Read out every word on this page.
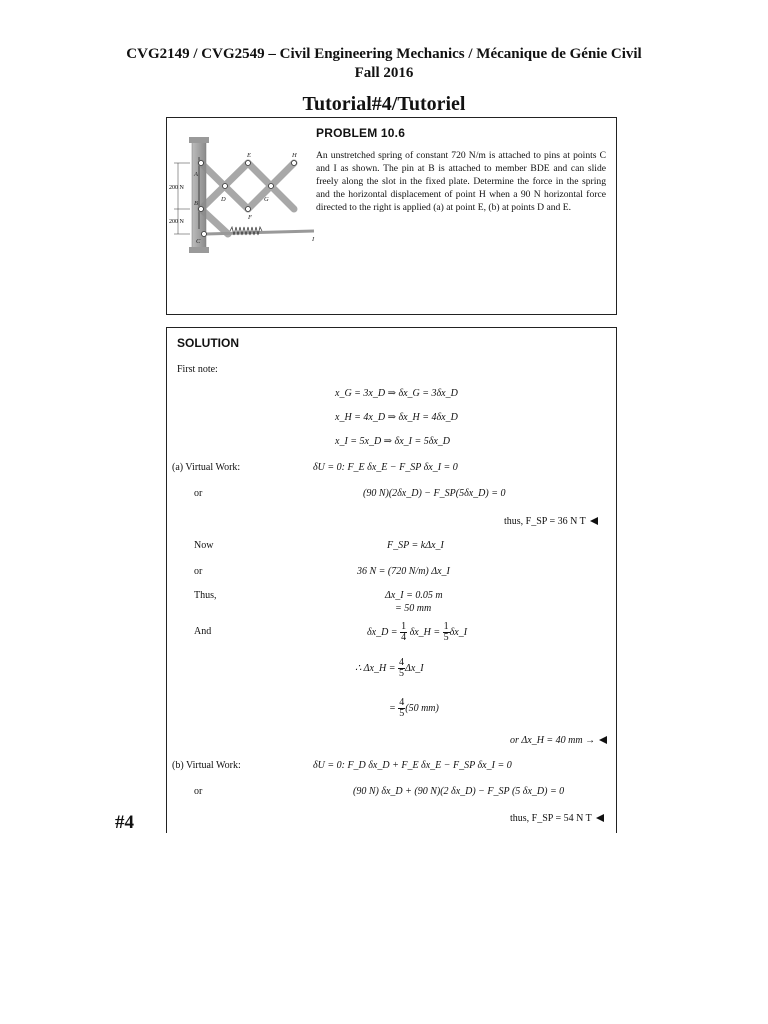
CVG2149 / CVG2549 – Civil Engineering Mechanics / Mécanique de Génie Civil
Fall 2016
Tutorial#4/Tutoriel
200 N
200 N
A
B
C
D
E
F
G
H
I
PROBLEM 10.6
An unstretched spring of constant 720 N/m is attached to pins at points C and I as shown. The pin at B is attached to member BDE and can slide freely along the slot in the fixed plate. Determine the force in the spring and the horizontal displacement of point H when a 90 N horizontal force directed to the right is applied (a) at point E, (b) at points D and E.
SOLUTION
First note:
x_G = 3x_D ⇒ δx_G = 3δx_D
x_H = 4x_D ⇒ δx_H = 4δx_D
x_I = 5x_D ⇒ δx_I = 5δx_D
(a) Virtual Work:	δU = 0: F_E δx_E − F_SP δx_I = 0
or	(90 N)(2δx_D) − F_SP(5δx_D) = 0
thus, F_SP = 36 N T
Now	F_SP = kΔx_I
or	36 N = (720 N/m) Δx_I
Thus,	Δx_I = 0.05 m
= 50 mm
And	δx_D = $\frac{1}{4}$ δx_H = $\frac{1}{5}$ δx_I
∴ Δx_H = $\frac{4}{5}$ Δx_I
= $\frac{4}{5} (50$ mm)
or Δx_H = 40 mm →
(b) Virtual Work:	δU = 0: F_D δx_D + F_E δx_E − F_SP δx_I = 0
or	(90 N) δx_D + (90 N)(2 δx_D) − F_SP (5 δx_D) = 0
thus, F_SP = 54 N T
#4
